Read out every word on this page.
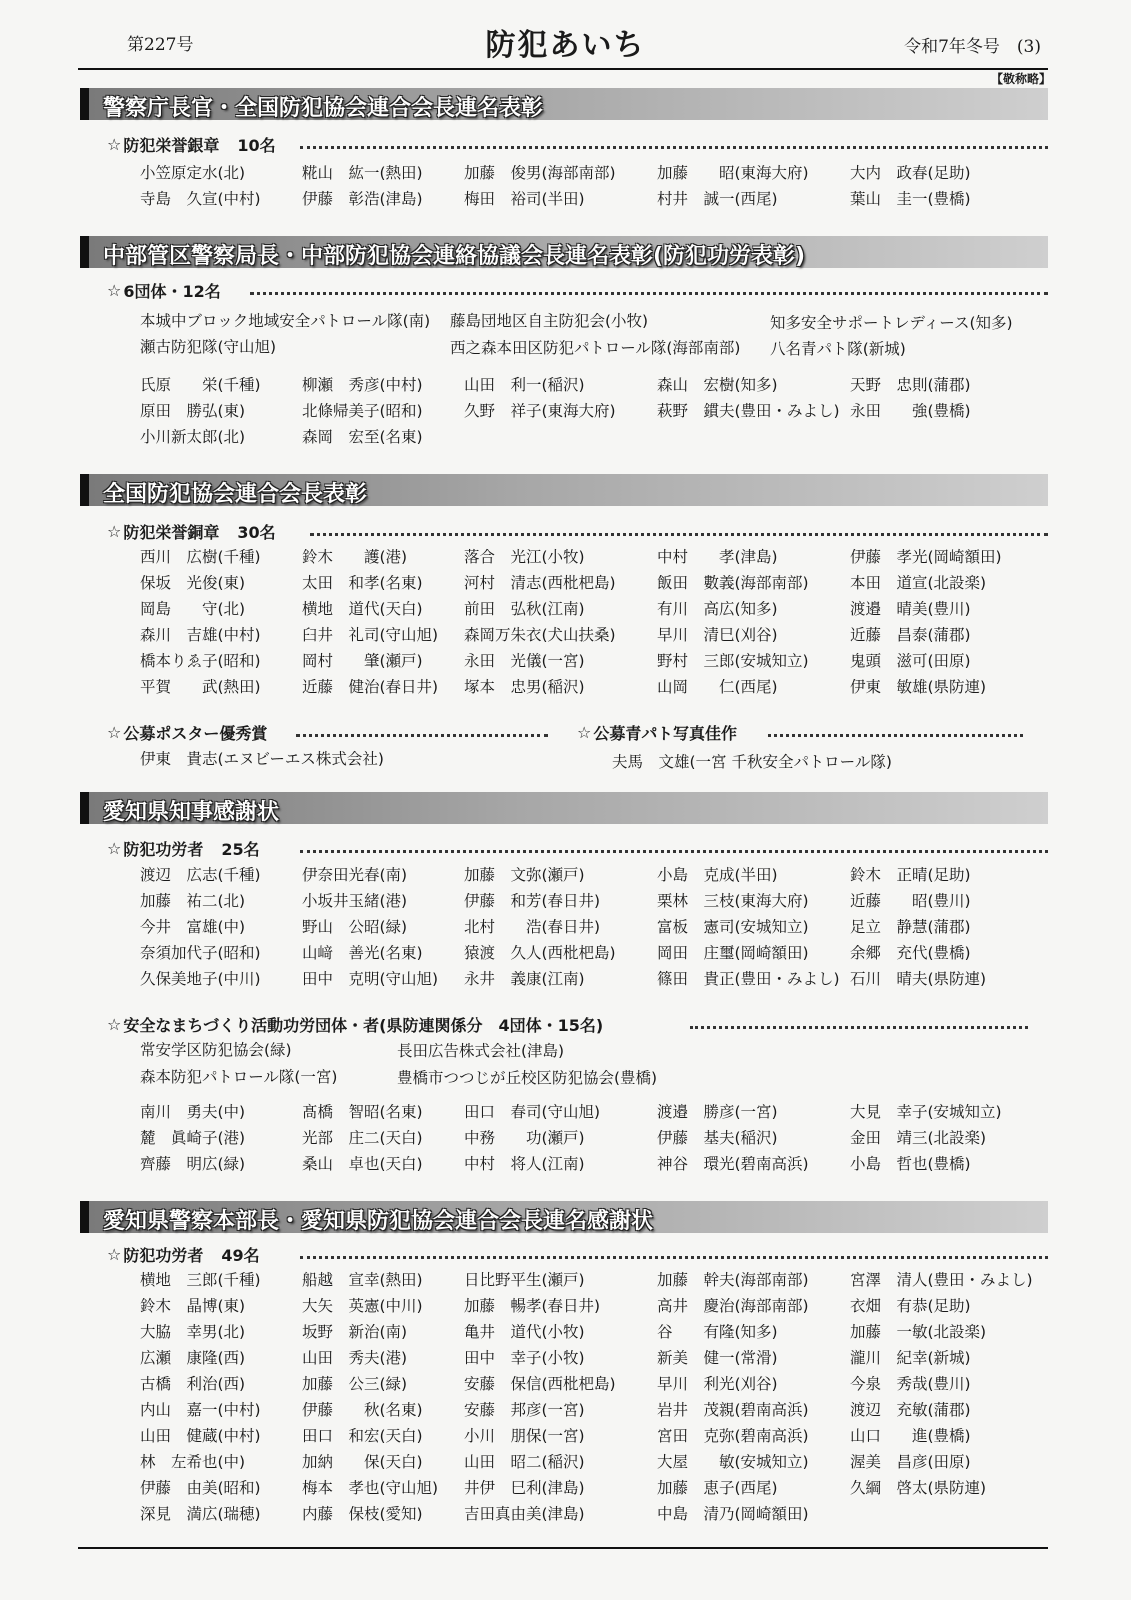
第227号	防犯あいち	令和7年冬号　(3)
【敬称略】
警察庁長官・全国防犯協会連合会長連名表彰
☆ 防犯栄誉銀章 10名
小笠原定水(北)	糀山　紘一(熱田)	加藤　俊男(海部南部)	加藤　　昭(東海大府)	大内　政春(足助)
寺島　久宣(中村)	伊藤　彰浩(津島)	梅田　裕司(半田)	村井　誠一(西尾)	葉山　圭一(豊橋)
中部管区警察局長・中部防犯協会連絡協議会長連名表彰(防犯功労表彰)
☆ 6団体・12名
本城中ブロック地域安全パトロール隊(南) 藤島団地区自主防犯会(小牧)	知多安全サポートレディース(知多)
瀬古防犯隊(守山旭)	西之森本田区防犯パトロール隊(海部南部) 八名青パト隊(新城)
氏原　　栄(千種)	柳瀬　秀彦(中村)	山田　利一(稲沢)	森山　宏樹(知多)	天野　忠則(蒲郡)
原田　勝弘(東)	北條帰美子(昭和)	久野　祥子(東海大府)	萩野　鏆夫(豊田・みよし) 永田　　強(豊橋)
小川新太郎(北)	森岡　宏至(名東)
全国防犯協会連合会長表彰
☆ 防犯栄誉銅章 30名
西川　広樹(千種)	鈴木　　護(港)	落合　光江(小牧)	中村　　孝(津島)	伊藤　孝光(岡崎額田)
保坂　光俊(東)	太田　和孝(名東)	河村　清志(西枇杷島)	飯田　數義(海部南部)	本田　道宣(北設楽)
岡島　　守(北)	横地　道代(天白)	前田　弘秋(江南)	有川　高広(知多)	渡邉　晴美(豊川)
森川　吉雄(中村)	臼井　礼司(守山旭)	森岡万朱衣(犬山扶桑)	早川　清巳(刈谷)	近藤　昌泰(蒲郡)
橋本りゑ子(昭和)	岡村　　肇(瀬戸)	永田　光儀(一宮)	野村　三郎(安城知立)	鬼頭　滋可(田原)
平賀　　武(熱田)	近藤　健治(春日井)	塚本　忠男(稲沢)	山岡　　仁(西尾)	伊東　敏雄(県防連)
☆ 公募ポスター優秀賞
伊東　貴志(エヌビーエス株式会社)
☆ 公募青パト写真佳作
夫馬　文雄(一宮 千秋安全パトロール隊)
愛知県知事感謝状
☆ 防犯功労者 25名
渡辺　広志(千種)	伊奈田光春(南)	加藤　文弥(瀬戸)	小島　克成(半田)	鈴木　正晴(足助)
加藤　祐二(北)	小坂井玉緒(港)	伊藤　和芳(春日井)	栗林　三枝(東海大府)	近藤　　昭(豊川)
今井　富雄(中)	野山　公昭(緑)	北村　　浩(春日井)	富板　憲司(安城知立)	足立　静慧(蒲郡)
奈須加代子(昭和)	山﨑　善光(名東)	猿渡　久人(西枇杷島)	岡田　庄璽(岡崎額田)	余郷　充代(豊橋)
久保美地子(中川)	田中　克明(守山旭)	永井　義康(江南)	篠田　貴正(豊田・みよし) 石川　晴夫(県防連)
☆ 安全なまちづくり活動功労団体・者(県防連関係分　4団体・15名)
常安学区防犯協会(緑)	長田広告株式会社(津島)
森本防犯パトロール隊(一宮)	豊橋市つつじが丘校区防犯協会(豊橋)
南川　勇夫(中)	髙橋　智昭(名東)	田口　春司(守山旭)	渡邉　勝彦(一宮)	大見　幸子(安城知立)
麓　眞崎子(港)	光部　庄二(天白)	中務　　功(瀬戸)	伊藤　基夫(稲沢)	金田　靖三(北設楽)
齊藤　明広(緑)	桑山　卓也(天白)	中村　将人(江南)	神谷　環光(碧南高浜)	小島　哲也(豊橋)
愛知県警察本部長・愛知県防犯協会連合会長連名感謝状
☆ 防犯功労者 49名
横地　三郎(千種)	船越　宣幸(熱田)	日比野平生(瀬戸)	加藤　幹夫(海部南部)	宮澤　清人(豊田・みよし)
鈴木　晶博(東)	大矢　英憲(中川)	加藤　暢孝(春日井)	高井　慶治(海部南部)	衣畑　有恭(足助)
大脇　幸男(北)	坂野　新治(南)	亀井　道代(小牧)	谷　　有隆(知多)	加藤　一敏(北設楽)
広瀬　康隆(西)	山田　秀夫(港)	田中　幸子(小牧)	新美　健一(常滑)	瀧川　紀幸(新城)
古橋　利治(西)	加藤　公三(緑)	安藤　保信(西枇杷島)	早川　利光(刈谷)	今泉　秀哉(豊川)
内山　嘉一(中村)	伊藤　　秋(名東)	安藤　邦彦(一宮)	岩井　茂親(碧南高浜)	渡辺　充敏(蒲郡)
山田　健蔵(中村)	田口　和宏(天白)	小川　朋保(一宮)	宮田　克弥(碧南高浜)	山口　　進(豊橋)
林　左希也(中)	加納　　保(天白)	山田　昭二(稲沢)	大屋　　敏(安城知立)	渥美　昌彦(田原)
伊藤　由美(昭和)	梅本　孝也(守山旭)	井伊　巳利(津島)	加藤　恵子(西尾)	久綱　啓太(県防連)
深見　満広(瑞穂)	内藤　保枝(愛知)	吉田真由美(津島)	中島　清乃(岡崎額田)
